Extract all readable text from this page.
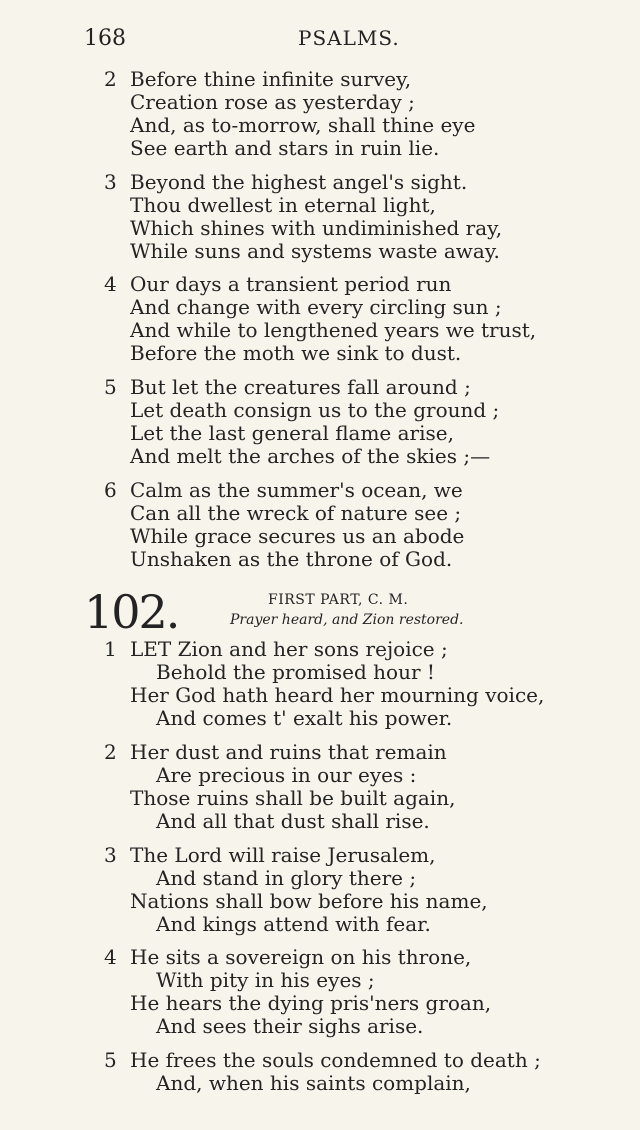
168	PSALMS.
2 Before thine infinite survey,
Creation rose as yesterday ;
And, as to-morrow, shall thine eye
See earth and stars in ruin lie.
3 Beyond the highest angel's sight.
Thou dwellest in eternal light,
Which shines with undiminished ray,
While suns and systems waste away.
4 Our days a transient period run
And change with every circling sun ;
And while to lengthened years we trust,
Before the moth we sink to dust.
5 But let the creatures fall around ;
Let death consign us to the ground ;
Let the last general flame arise,
And melt the arches of the skies ;—
6 Calm as the summer's ocean, we
Can all the wreck of nature see ;
While grace secures us an abode
Unshaken as the throne of God.
102.	FIRST PART, C. M.
Prayer heard, and Zion restored.
1 LET Zion and her sons rejoice ;
Behold the promised hour !
Her God hath heard her mourning voice,
And comes t' exalt his power.
2 Her dust and ruins that remain
Are precious in our eyes :
Those ruins shall be built again,
And all that dust shall rise.
3 The Lord will raise Jerusalem,
And stand in glory there ;
Nations shall bow before his name,
And kings attend with fear.
4 He sits a sovereign on his throne,
With pity in his eyes ;
He hears the dying pris'ners groan,
And sees their sighs arise.
5 He frees the souls condemned to death ;
And, when his saints complain,
